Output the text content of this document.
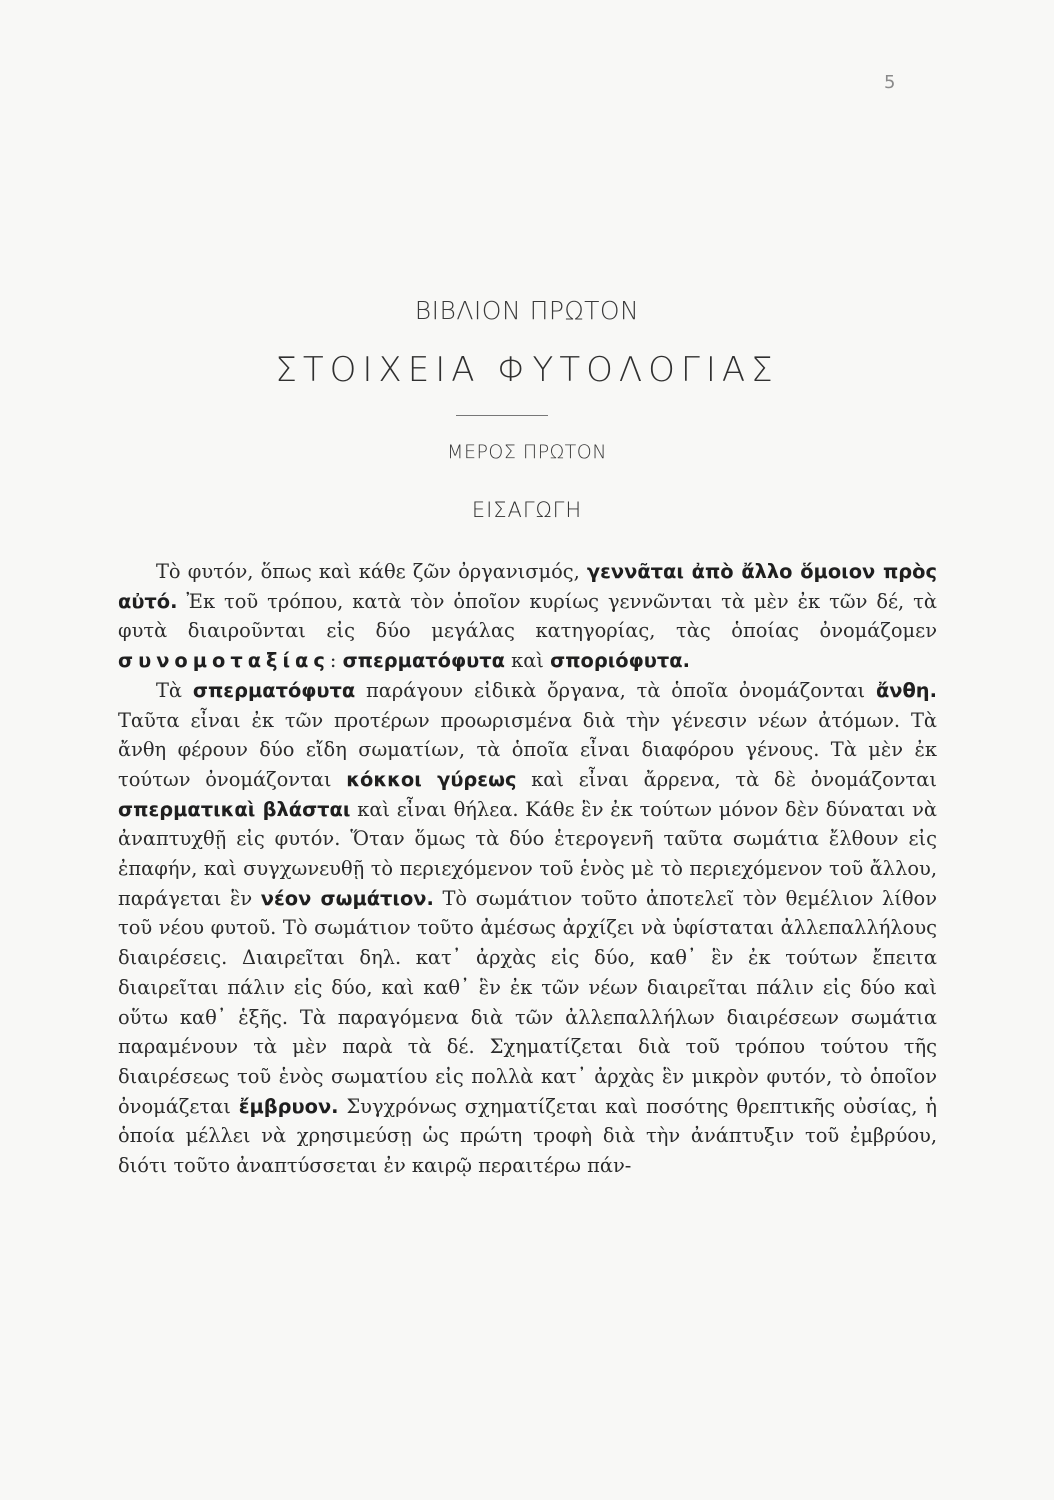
5
ΒΙΒΛΙΟΝ ΠΡΩΤΟΝ
ΣΤΟΙΧΕΙΑ ΦΥΤΟΛΟΓΙΑΣ
ΜΕΡΟΣ ΠΡΩΤΟΝ
ΕΙΣΑΓΩΓΗ

Τὸ φυτόν, ὅπως καὶ κάθε ζῶν ὀργανισμός, γεννᾶται ἀπὸ ἄλλο ὅμοιον πρὸς αὐτό. Ἐκ τοῦ τρόπου, κατὰ τὸν ὁποῖον κυρίως γεννῶνται τὰ μὲν ἐκ τῶν δέ, τὰ φυτὰ διαιροῦνται εἰς δύο μεγάλας κατηγορίας, τὰς ὁποίας ὀνομάζομεν συνομοταξίας: σπερματόφυτα καὶ σποριόφυτα.

Τὰ σπερματόφυτα παράγουν εἰδικὰ ὄργανα, τὰ ὁποῖα ὀνομάζονται ἄνθη. Ταῦτα εἶναι ἐκ τῶν προτέρων προωρισμένα διὰ τὴν γένεσιν νέων ἀτόμων. Τὰ ἄνθη φέρουν δύο εἴδη σωματίων, τὰ ὁποῖα εἶναι διαφόρου γένους. Τὰ μὲν ἐκ τούτων ὀνομάζονται κόκκοι γύρεως καὶ εἶναι ἄρρενα, τὰ δὲ ὀνομάζονται σπερματικαὶ βλάσται καὶ εἶναι θήλεα. Κάθε ἓν ἐκ τούτων μόνον δὲν δύναται νὰ ἀναπτυχθῇ εἰς φυτόν. Ὅταν ὅμως τὰ δύο ἑτερογενῆ ταῦτα σωμάτια ἔλθουν εἰς ἐπαφήν, καὶ συγχωνευθῇ τὸ περιεχόμενον τοῦ ἑνὸς μὲ τὸ περιεχόμενον τοῦ ἄλλου, παράγεται ἓν νέον σωμάτιον. Τὸ σωμάτιον τοῦτο ἀποτελεῖ τὸν θεμέλιον λίθον τοῦ νέου φυτοῦ. Τὸ σωμάτιον τοῦτο ἀμέσως ἀρχίζει νὰ ὑφίσταται ἀλλεπαλλήλους διαιρέσεις. Διαιρεῖται δηλ. κατ᾽ ἀρχὰς εἰς δύο, καθ᾽ ἓν ἐκ τούτων ἔπειτα διαιρεῖται πάλιν εἰς δύο, καὶ καθ᾽ ἓν ἐκ τῶν νέων διαιρεῖται πάλιν εἰς δύο καὶ οὕτω καθ᾽ ἑξῆς. Τὰ παραγόμενα διὰ τῶν ἀλλεπαλλήλων διαιρέσεων σωμάτια παραμένουν τὰ μὲν παρὰ τὰ δέ. Σχηματίζεται διὰ τοῦ τρόπου τούτου τῆς διαιρέσεως τοῦ ἑνὸς σωματίου εἰς πολλὰ κατ᾽ ἀρχὰς ἓν μικρὸν φυτόν, τὸ ὁποῖον ὀνομάζεται ἔμβρυον. Συγχρόνως σχηματίζεται καὶ ποσότης θρεπτικῆς οὐσίας, ἡ ὁποία μέλλει νὰ χρησιμεύσῃ ὡς πρώτη τροφὴ διὰ τὴν ἀνάπτυξιν τοῦ ἐμβρύου, διότι τοῦτο ἀναπτύσσεται ἐν καιρῷ περαιτέρω πάν-
